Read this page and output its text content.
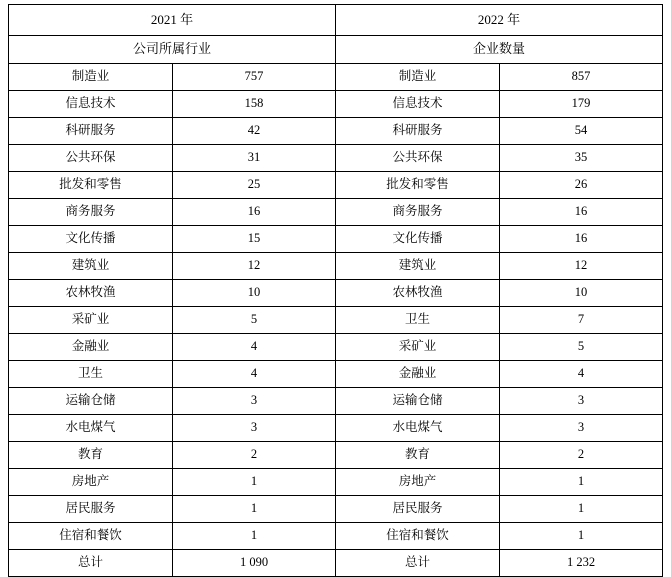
2021 年		2022 年	
公司所属行业		企业数量	
制造业	757	制造业	857
信息技术	158	信息技术	179
科研服务	42	科研服务	54
公共环保	31	公共环保	35
批发和零售	25	批发和零售	26
商务服务	16	商务服务	16
文化传播	15	文化传播	16
建筑业	12	建筑业	12
农林牧渔	10	农林牧渔	10
采矿业	5	卫生	7
金融业	4	采矿业	5
卫生	4	金融业	4
运输仓储	3	运输仓储	3
水电煤气	3	水电煤气	3
教育	2	教育	2
房地产	1	房地产	1
居民服务	1	居民服务	1
住宿和餐饮	1	住宿和餐饮	1
总计	1 090	总计	1 232
